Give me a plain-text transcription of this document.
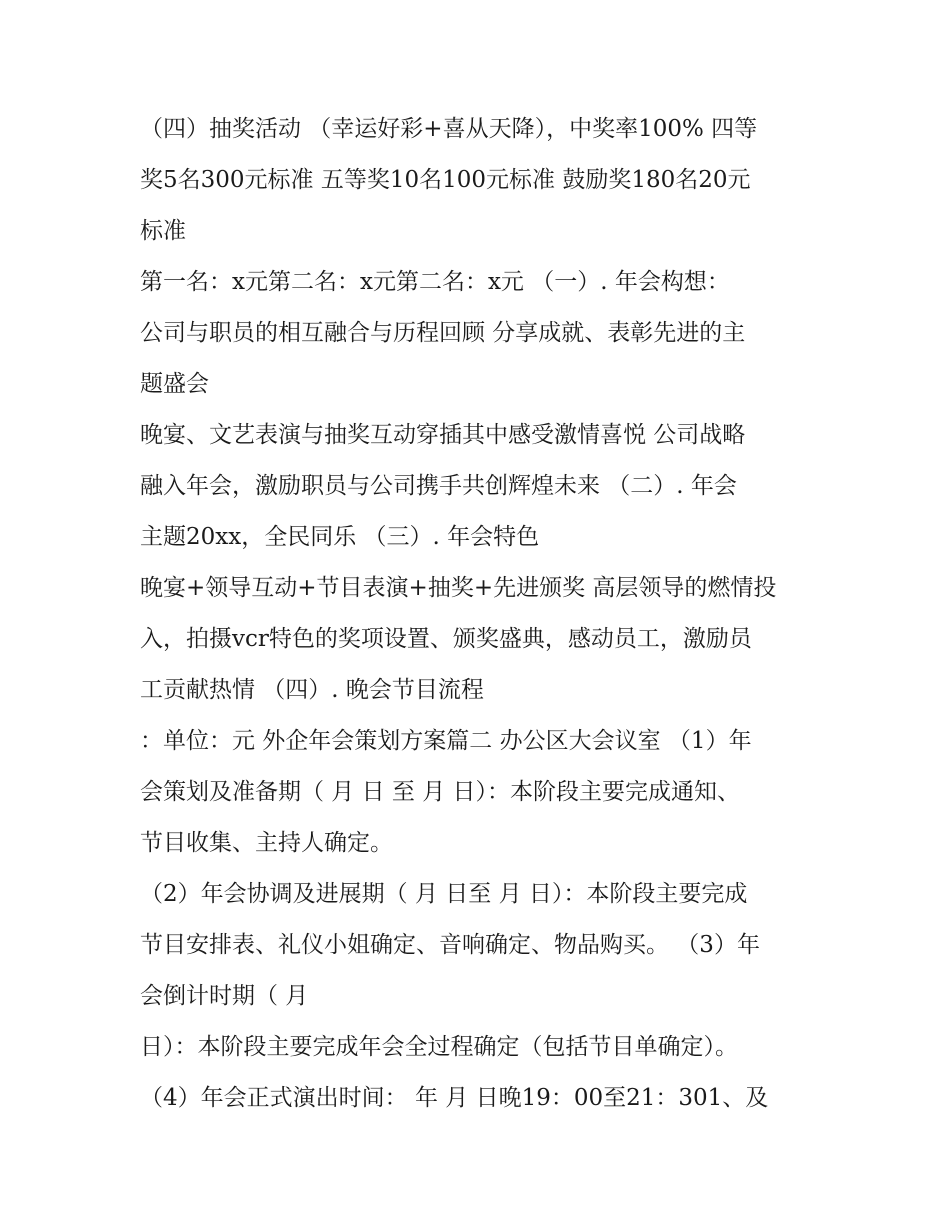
（四）抽奖活动 （幸运好彩+喜从天降），中奖率100% 四等
奖5名300元标准 五等奖10名100元标准 鼓励奖180名20元
标准
第一名：x元第二名：x元第二名：x元 （一）. 年会构想：
公司与职员的相互融合与历程回顾 分享成就、表彰先进的主
题盛会
晚宴、文艺表演与抽奖互动穿插其中感受激情喜悦 公司战略
融入年会，激励职员与公司携手共创辉煌未来 （二）. 年会
主题20xx，全民同乐 （三）. 年会特色
晚宴+领导互动+节目表演+抽奖+先进颁奖 高层领导的燃情投
入，拍摄vcr特色的奖项设置、颁奖盛典，感动员工，激励员
工贡献热情 （四）. 晚会节目流程
：单位：元 外企年会策划方案篇二 办公区大会议室 （1）年
会策划及准备期（ 月 日 至 月 日）：本阶段主要完成通知、
节目收集、主持人确定。
（2）年会协调及进展期（ 月 日至 月 日）：本阶段主要完成
节目安排表、礼仪小姐确定、音响确定、物品购买。 （3）年
会倒计时期（ 月
日）：本阶段主要完成年会全过程确定（包括节目单确定）。
（4）年会正式演出时间： 年 月 日晚19：00至21：301、及
